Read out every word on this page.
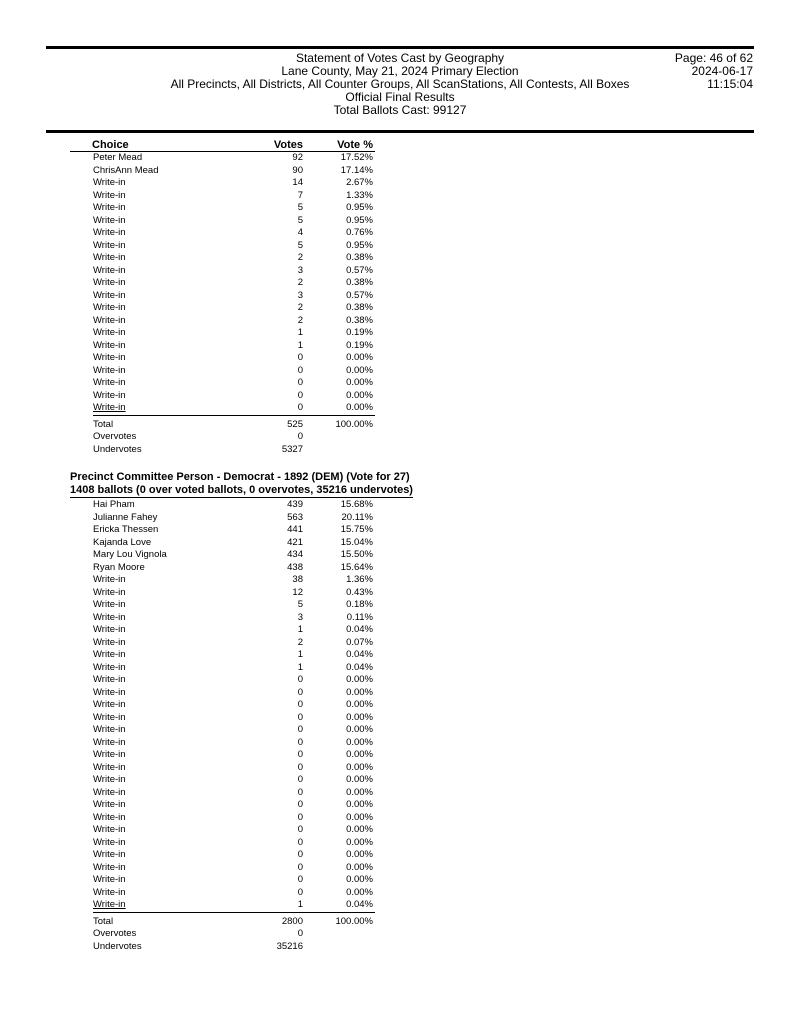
Statement of Votes Cast by Geography
Lane County, May 21, 2024 Primary Election
All Precincts, All Districts, All Counter Groups, All ScanStations, All Contests, All Boxes
Official Final Results
Total Ballots Cast: 99127
Page: 46 of 62
2024-06-17
11:15:04
Choice	Votes	Vote %
Peter Mead	92	17.52%
ChrisAnn Mead	90	17.14%
Write-in	14	2.67%
Write-in	7	1.33%
Write-in	5	0.95%
Write-in	5	0.95%
Write-in	4	0.76%
Write-in	5	0.95%
Write-in	2	0.38%
Write-in	3	0.57%
Write-in	2	0.38%
Write-in	3	0.57%
Write-in	2	0.38%
Write-in	2	0.38%
Write-in	1	0.19%
Write-in	1	0.19%
Write-in	0	0.00%
Write-in	0	0.00%
Write-in	0	0.00%
Write-in	0	0.00%
Write-in	0	0.00%
Total	525	100.00%
Overvotes	0
Undervotes	5327
Precinct Committee Person - Democrat - 1892 (DEM) (Vote for 27)
1408 ballots (0 over voted ballots, 0 overvotes, 35216 undervotes)
Hai Pham	439	15.68%
Julianne Fahey	563	20.11%
Ericka Thessen	441	15.75%
Kajanda Love	421	15.04%
Mary Lou Vignola	434	15.50%
Ryan Moore	438	15.64%
Write-in	38	1.36%
Write-in	12	0.43%
Write-in	5	0.18%
Write-in	3	0.11%
Write-in	1	0.04%
Write-in	2	0.07%
Write-in	1	0.04%
Write-in	1	0.04%
Write-in	0	0.00%
Write-in	0	0.00%
Write-in	0	0.00%
Write-in	0	0.00%
Write-in	0	0.00%
Write-in	0	0.00%
Write-in	0	0.00%
Write-in	0	0.00%
Write-in	0	0.00%
Write-in	0	0.00%
Write-in	0	0.00%
Write-in	0	0.00%
Write-in	0	0.00%
Write-in	0	0.00%
Write-in	0	0.00%
Write-in	0	0.00%
Write-in	0	0.00%
Write-in	0	0.00%
Write-in	1	0.04%
Total	2800	100.00%
Overvotes	0
Undervotes	35216
